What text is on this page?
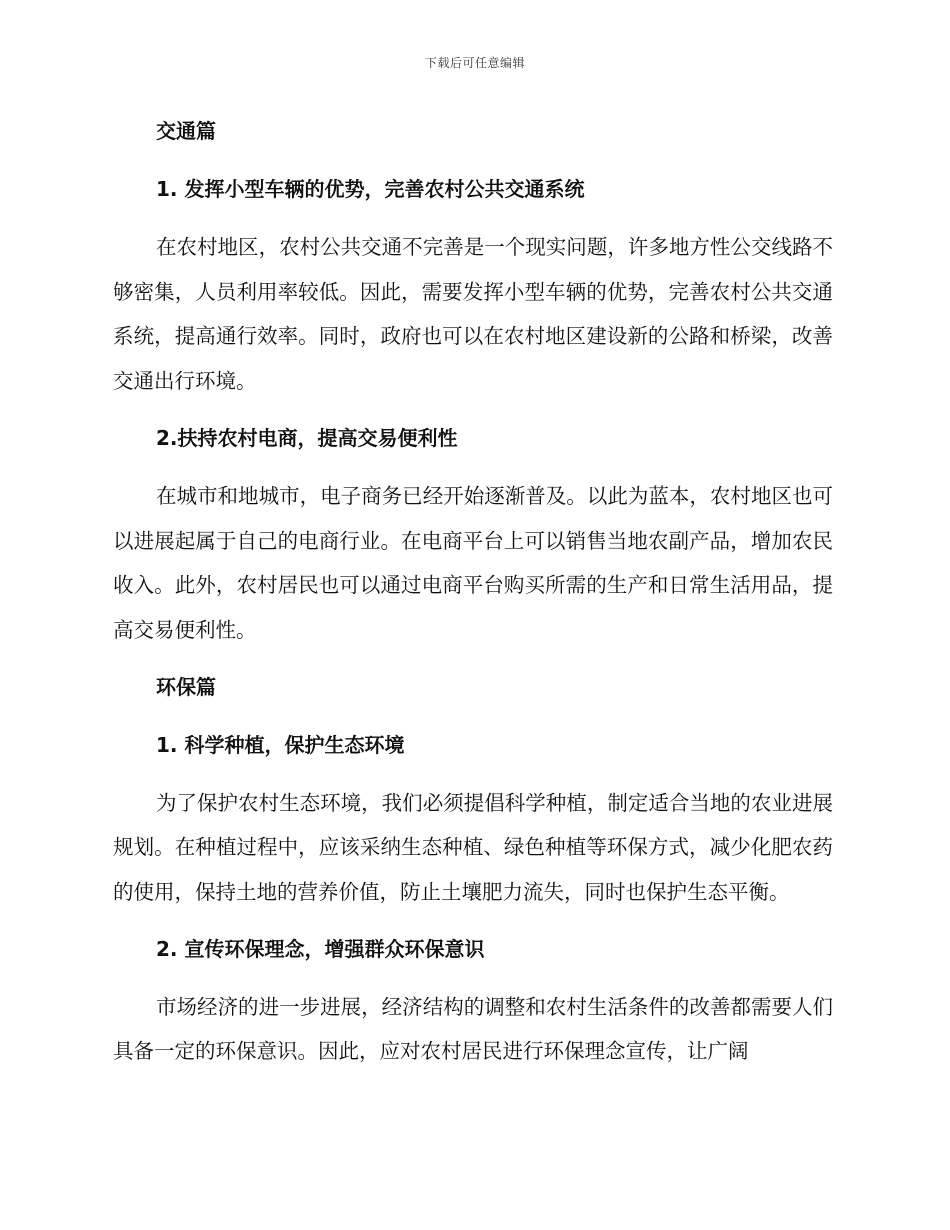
下载后可任意编辑
交通篇
1. 发挥小型车辆的优势，完善农村公共交通系统

在农村地区，农村公共交通不完善是一个现实问题，许多地方性公交线路不够密集，人员利用率较低。因此，需要发挥小型车辆的优势，完善农村公共交通系统，提高通行效率。同时，政府也可以在农村地区建设新的公路和桥梁，改善交通出行环境。

2.扶持农村电商，提高交易便利性

在城市和地城市，电子商务已经开始逐渐普及。以此为蓝本，农村地区也可以进展起属于自己的电商行业。在电商平台上可以销售当地农副产品，增加农民收入。此外，农村居民也可以通过电商平台购买所需的生产和日常生活用品，提高交易便利性。

环保篇
1. 科学种植，保护生态环境

为了保护农村生态环境，我们必须提倡科学种植，制定适合当地的农业进展规划。在种植过程中，应该采纳生态种植、绿色种植等环保方式，减少化肥农药的使用，保持土地的营养价值，防止土壤肥力流失，同时也保护生态平衡。

2. 宣传环保理念，增强群众环保意识

市场经济的进一步进展，经济结构的调整和农村生活条件的改善都需要人们具备一定的环保意识。因此，应对农村居民进行环保理念宣传，让广阔
